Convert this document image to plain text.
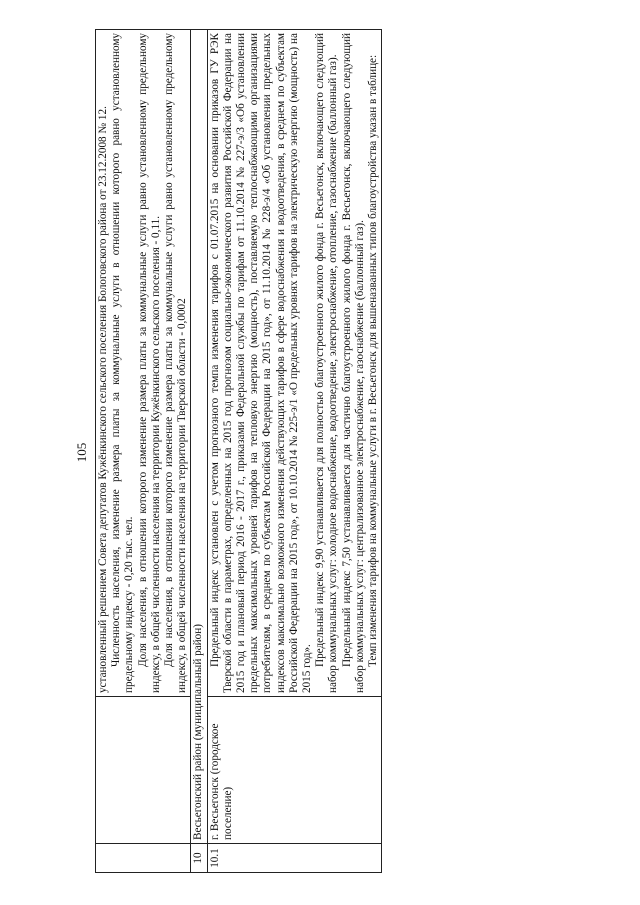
105

		установленный решением Совета депутатов Кужёнкинского сельского поселения Бологовского района от 23.12.2008 № 12. Численность населения, изменение размера платы за коммунальные услуги в отношении которого равно установленному предельному индексу - 0,20 тыс. чел. Доля населения, в отношении которого изменение размера платы за коммунальные услуги равно установленному предельному индексу, в общей численности населения на территории Кужёнкинского сельского поселения - 0,11. Доля населения, в отношении которого изменение размера платы за коммунальные услуги равно установленному предельному индексу, в общей численности населения на территории Тверской области - 0,0002

10	Весьегонский район (муниципальный район)	
10.1	г. Весьегонск (городское поселение)	Предельный индекс установлен с учетом прогнозного темпа изменения тарифов с 01.07.2015 на основании приказов ГУ РЭК Тверской области в параметрах, определенных на 2015 год прогнозом социально-экономического развития Российской Федерации на 2015 год и плановый период 2016 - 2017 г., приказами Федеральной службы по тарифам от 11.10.2014 № 227-э/3 «Об установлении предельных максимальных уровней тарифов на тепловую энергию (мощность), поставляемую теплоснабжающими организациями потребителям, в среднем по субъектам Российской Федерации на 2015 год», от 11.10.2014 № 228-э/4 «Об установлении предельных индексов максимально возможного изменения действующих тарифов в сфере водоснабжения и водоотведения, в среднем по субъектам Российской Федерации на 2015 год», от 10.10.2014 № 225-э/1 «О предельных уровнях тарифов на электрическую энергию (мощность) на 2015 год».
Предельный индекс 9,90 устанавливается для полностью благоустроенного жилого фонда г. Весьегонск, включающего следующий набор коммунальных услуг: холодное водоснабжение, водоотведение, электроснабжение, отопление, газоснабжение (баллонный газ). Предельный индекс 7,50 устанавливается для частично благоустроенного жилого фонда г. Весьегонск, включающего следующий набор коммунальных услуг: централизованное электроснабжение, газоснабжение (баллонный газ). Темп изменения тарифов на коммунальные услуги в г. Весьегонск для вышеназванных типов благоустройства указан в таблице:
